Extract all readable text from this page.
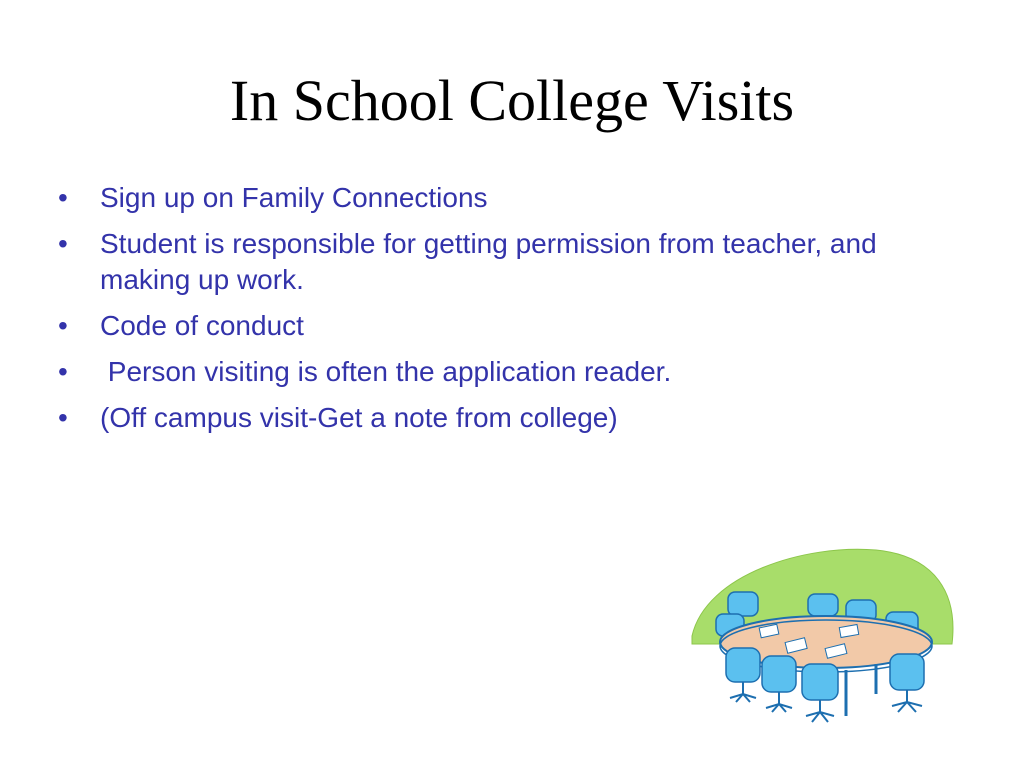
In School College Visits
•	Sign up on Family Connections
•	Student is responsible for getting permission from teacher, and making up work.
•	Code of conduct
•	Person visiting is often the application reader.
•	(Off campus visit-Get a note from college)
